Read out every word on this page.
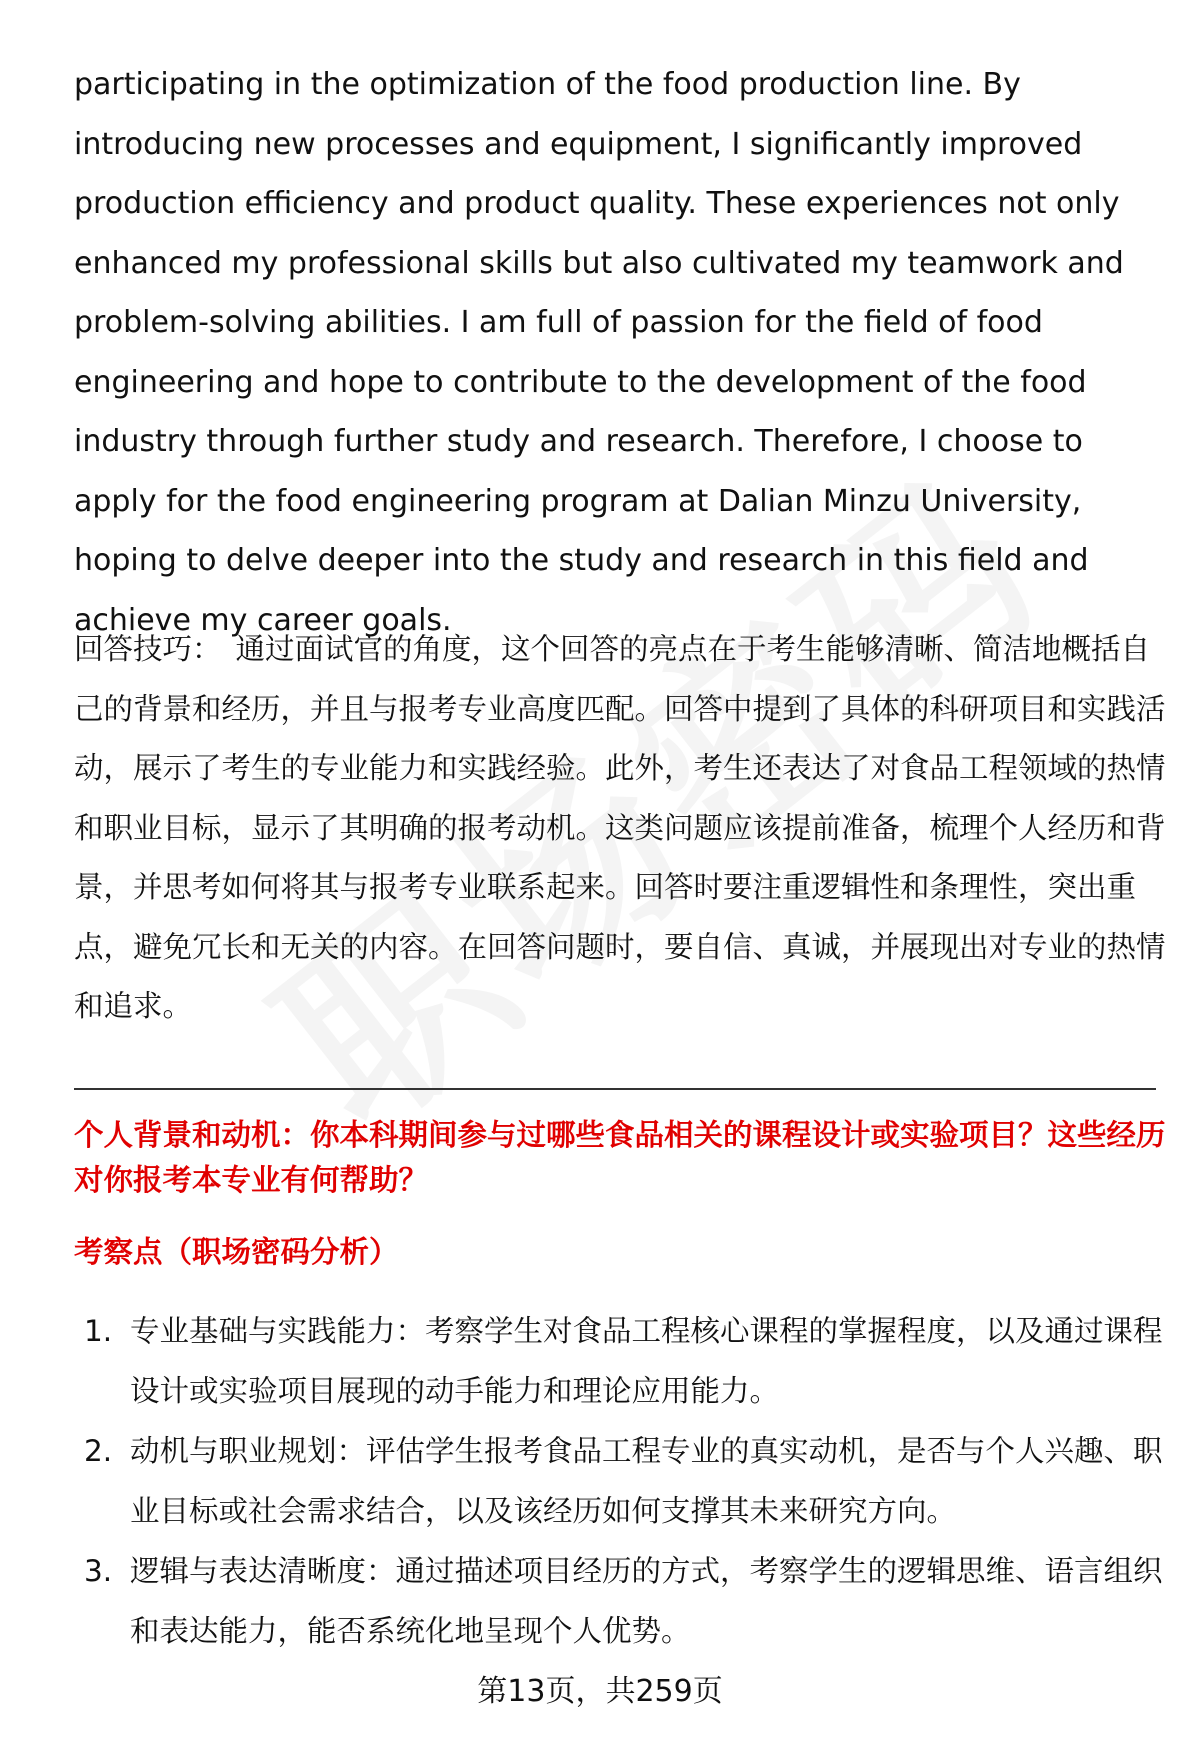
participating in the optimization of the food production line. By introducing new processes and equipment, I significantly improved production efficiency and product quality. These experiences not only enhanced my professional skills but also cultivated my teamwork and problem-solving abilities. I am full of passion for the field of food engineering and hope to contribute to the development of the food industry through further study and research. Therefore, I choose to apply for the food engineering program at Dalian Minzu University, hoping to delve deeper into the study and research in this field and achieve my career goals.

回答技巧： 通过面试官的角度，这个回答的亮点在于考生能够清晰、简洁地概括自己的背景和经历，并且与报考专业高度匹配。回答中提到了具体的科研项目和实践活动，展示了考生的专业能力和实践经验。此外，考生还表达了对食品工程领域的热情和职业目标，显示了其明确的报考动机。这类问题应该提前准备，梳理个人经历和背景，并思考如何将其与报考专业联系起来。回答时要注重逻辑性和条理性，突出重点，避免冗长和无关的内容。在回答问题时，要自信、真诚，并展现出对专业的热情和追求。

个人背景和动机：你本科期间参与过哪些食品相关的课程设计或实验项目？这些经历对你报考本专业有何帮助？

考察点（职场密码分析）

1. 专业基础与实践能力：考察学生对食品工程核心课程的掌握程度，以及通过课程设计或实验项目展现的动手能力和理论应用能力。
2. 动机与职业规划：评估学生报考食品工程专业的真实动机，是否与个人兴趣、职业目标或社会需求结合，以及该经历如何支撑其未来研究方向。
3. 逻辑与表达清晰度：通过描述项目经历的方式，考察学生的逻辑思维、语言组织和表达能力，能否系统化地呈现个人优势。
第13页，共259页
